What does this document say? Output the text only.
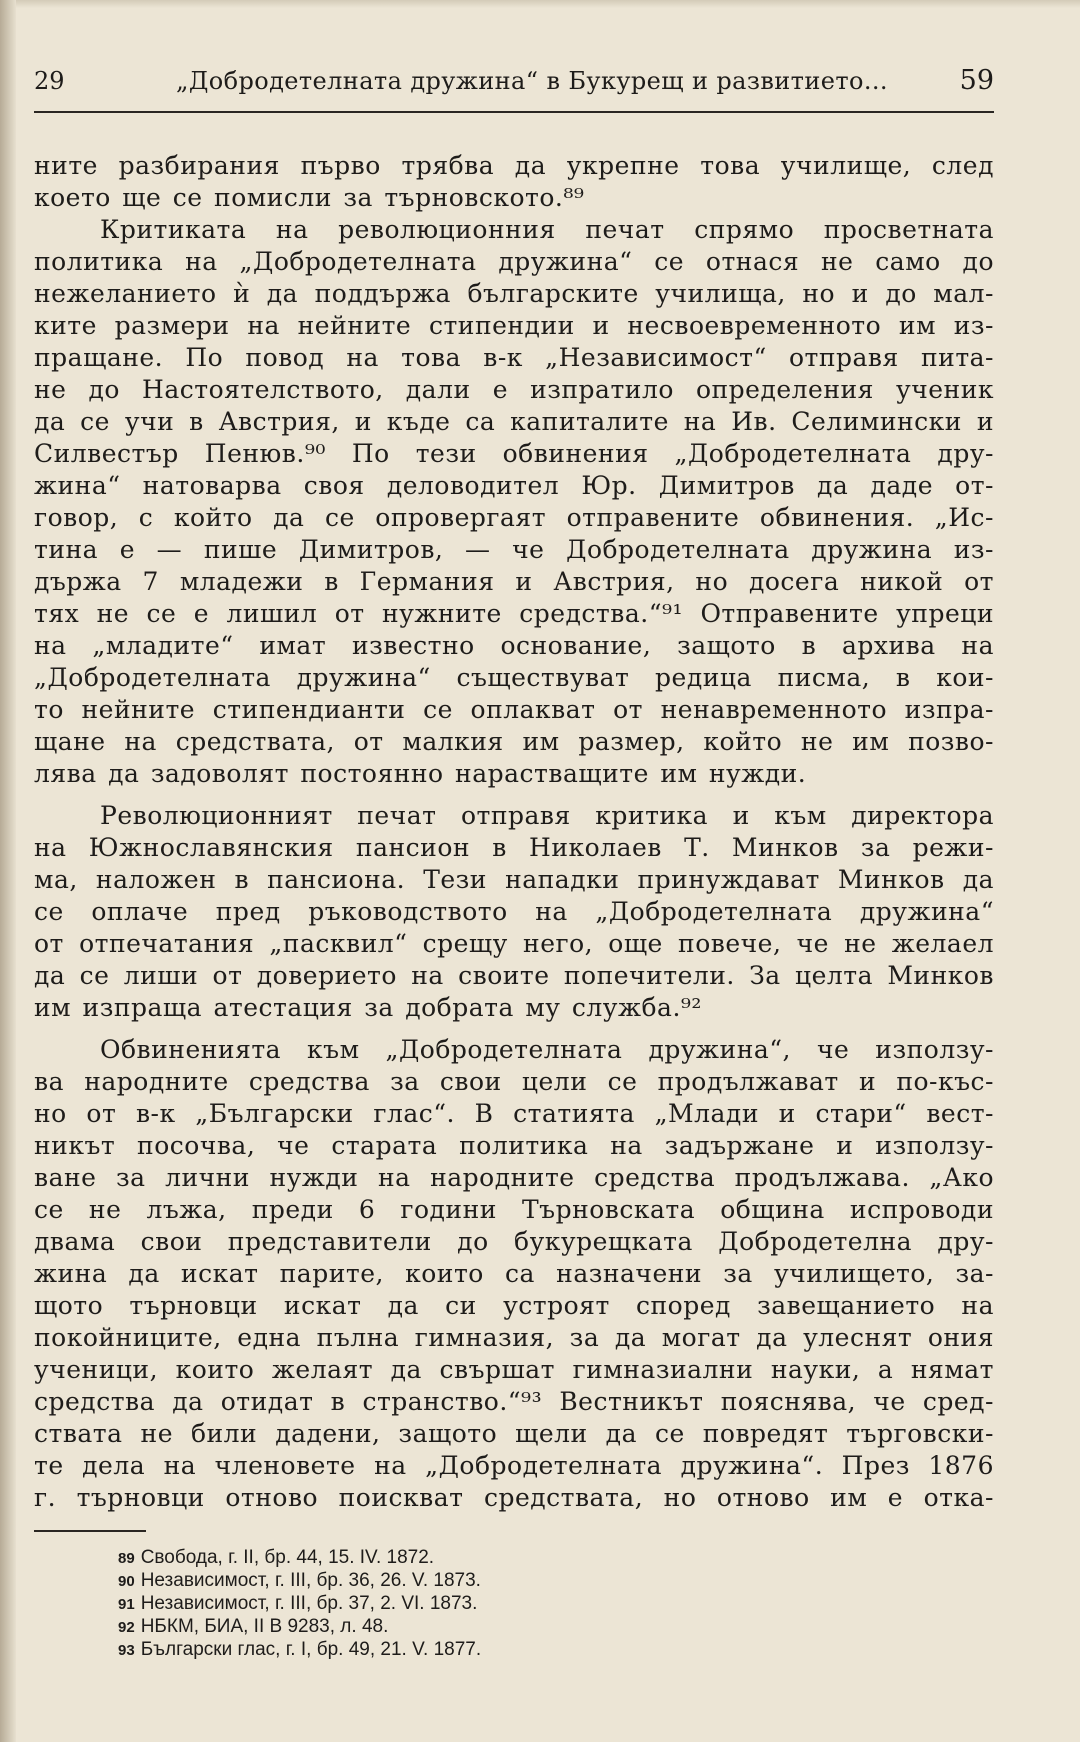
29	„Добродетелната дружина“ в Букурещ и развитието...	59
ните разбирания първо трябва да укрепне това училище, след
което ще се помисли за търновското.⁸⁹
Критиката на революционния печат спрямо просветната
политика на „Добродетелната дружина“ се отнася не само до
нежеланието ѝ да поддържа българските училища, но и до мал-
ките размери на нейните стипендии и несвоевременното им из-
пращане. По повод на това в-к „Независимост“ отправя пита-
не до Настоятелството, дали е изпратило определения ученик
да се учи в Австрия, и къде са капиталите на Ив. Селимински и
Силвестър Пенюв.⁹⁰ По тези обвинения „Добродетелната дру-
жина“ натоварва своя деловодител Юр. Димитров да даде от-
говор, с който да се опровергаят отправените обвинения. „Ис-
тина е — пише Димитров, — че Добродетелната дружина из-
държа 7 младежи в Германия и Австрия, но досега никой от
тях не се е лишил от нужните средства.“⁹¹ Отправените упреци
на „младите“ имат известно основание, защото в архива на
„Добродетелната дружина“ съществуват редица писма, в кои-
то нейните стипендианти се оплакват от ненавременното изпра-
щане на средствата, от малкия им размер, който не им позво-
лява да задоволят постоянно нарастващите им нужди.
Революционният печат отправя критика и към директора
на Южнославянския пансион в Николаев Т. Минков за режи-
ма, наложен в пансиона. Тези нападки принуждават Минков да
се оплаче пред ръководството на „Добродетелната дружина“
от отпечатания „пасквил“ срещу него, още повече, че не желаел
да се лиши от доверието на своите попечители. За целта Минков
им изпраща атестация за добрата му служба.⁹²
Обвиненията към „Добродетелната дружина“, че използу-
ва народните средства за свои цели се продължават и по-къс-
но от в-к „Български глас“. В статията „Млади и стари“ вест-
никът посочва, че старата политика на задържане и използу-
ване за лични нужди на народните средства продължава. „Ако
се не лъжа, преди 6 години Търновската община испроводи
двама свои представители до букурещката Добродетелна дру-
жина да искат парите, които са назначени за училището, за-
щото търновци искат да си устроят според завещанието на
покойниците, една пълна гимназия, за да могат да улеснят ония
ученици, които желаят да свършат гимназиални науки, а нямат
средства да отидат в странство.“⁹³ Вестникът пояснява, че сред-
ствата не били дадени, защото щели да се повредят търговски-
те дела на членовете на „Добродетелната дружина“. През 1876
г. търновци отново поискват средствата, но отново им е отка-
89 Свобода, г. II, бр. 44, 15. IV. 1872.
90 Независимост, г. III, бр. 36, 26. V. 1873.
91 Независимост, г. III, бр. 37, 2. VI. 1873.
92 НБКМ, БИА, II В 9283, л. 48.
93 Български глас, г. I, бр. 49, 21. V. 1877.
